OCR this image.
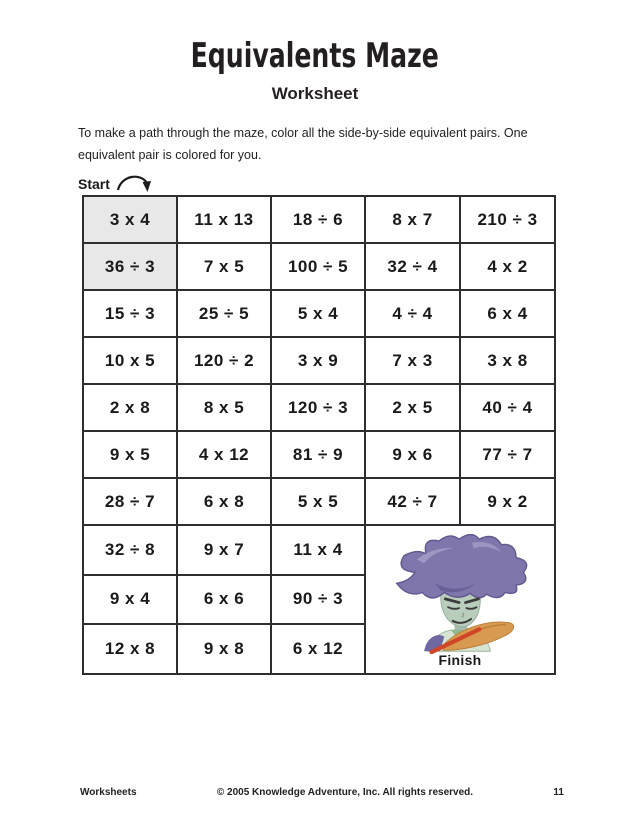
Equivalents Maze
Worksheet

To make a path through the maze, color all the side-by-side equivalent pairs. One equivalent pair is colored for you.

Start
3 x 4	11 x 13	18 ÷ 6	8 x 7	210 ÷ 3
36 ÷ 3	7 x 5	100 ÷ 5	32 ÷ 4	4 x 2
15 ÷ 3	25 ÷ 5	5 x 4	4 ÷ 4	6 x 4
10 x 5	120 ÷ 2	3 x 9	7 x 3	3 x 8
2 x 8	8 x 5	120 ÷ 3	2 x 5	40 ÷ 4
9 x 5	4 x 12	81 ÷ 9	9 x 6	77 ÷ 7
28 ÷ 7	6 x 8	5 x 5	42 ÷ 7	9 x 2
32 ÷ 8	9 x 7	11 x 4	Finish	

9 x 4	6 x 6	90 ÷ 3		
12 x 8	9 x 8	6 x 12		
Worksheets	© 2005 Knowledge Adventure, Inc. All rights reserved.	11
